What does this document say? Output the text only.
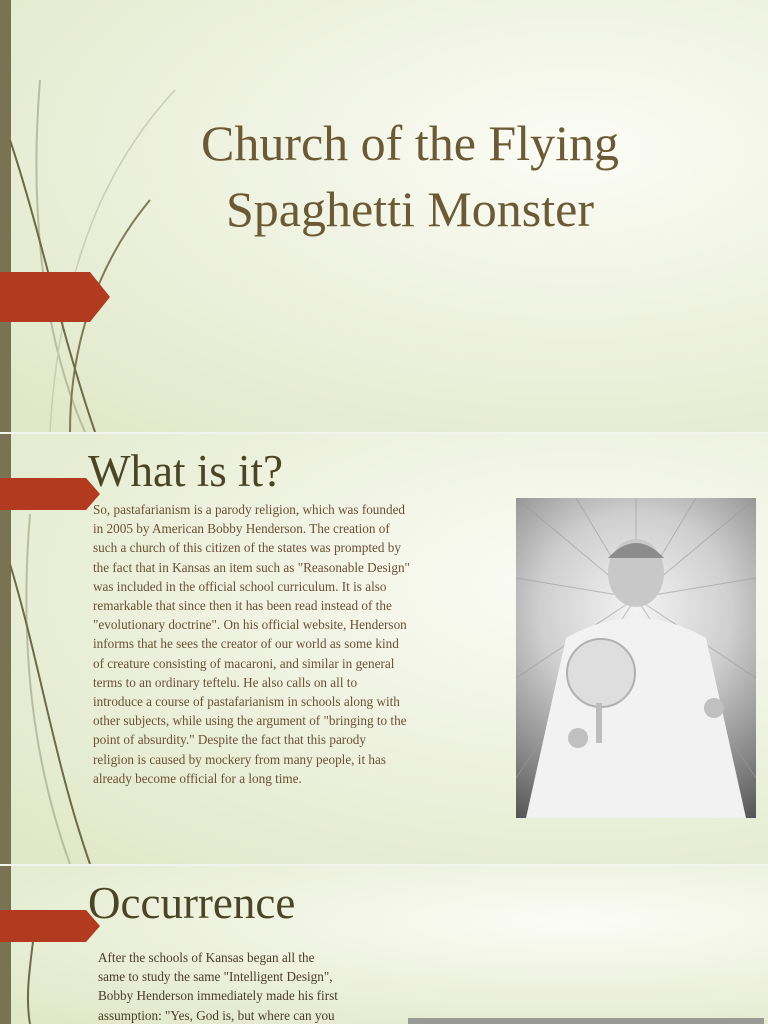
Church of the Flying
Spaghetti Monster
What is it?
So, pastafarianism is a parody religion, which was founded
in 2005 by American Bobby Henderson. The creation of
such a church of this citizen of the states was prompted by
the fact that in Kansas an item such as "Reasonable Design"
was included in the official school curriculum. It is also
remarkable that since then it has been read instead of the
"evolutionary doctrine". On his official website, Henderson
informs that he sees the creator of our world as some kind
of creature consisting of macaroni, and similar in general
terms to an ordinary teftelu. He also calls on all to
introduce a course of pastafarianism in schools along with
other subjects, while using the argument of "bringing to the
point of absurdity." Despite the fact that this parody
religion is caused by mockery from many people, it has
already become official for a long time.
Occurrence
After the schools of Kansas began all the
same to study the same "Intelligent Design",
Bobby Henderson immediately made his first
assumption: "Yes, God is, but where can you
